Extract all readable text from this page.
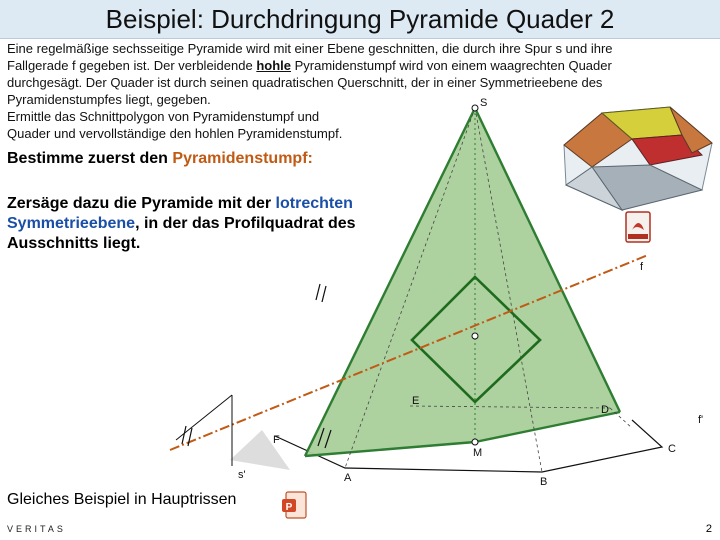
Beispiel: Durchdringung Pyramide Quader 2

Eine regelmäßige sechsseitige Pyramide wird mit einer Ebene geschnitten, die durch ihre Spur s und ihre Fallgerade f gegeben ist. Der verbleidende hohle Pyramidenstumpf wird von einem waagrechten Quader durchgesägt. Der Quader ist durch seinen quadratischen Querschnitt, der in einer Symmetrieebene des Pyramidenstumpfes liegt, gegeben.

Ermittle das Schnittpolygon von Pyramidenstumpf und

Quader und vervollständige den hohlen Pyramidenstumpf.

Bestimme zuerst den Pyramidenstumpf:
Zersäge dazu die Pyramide mit der lotrechten Symmetrieebene, in der das Profilquadrat des Ausschnitts liegt.
S
f
f'
s'
E
D
F
M	C
A	B
Gleiches Beispiel in Hauptrissen	P
VERITAS	2
